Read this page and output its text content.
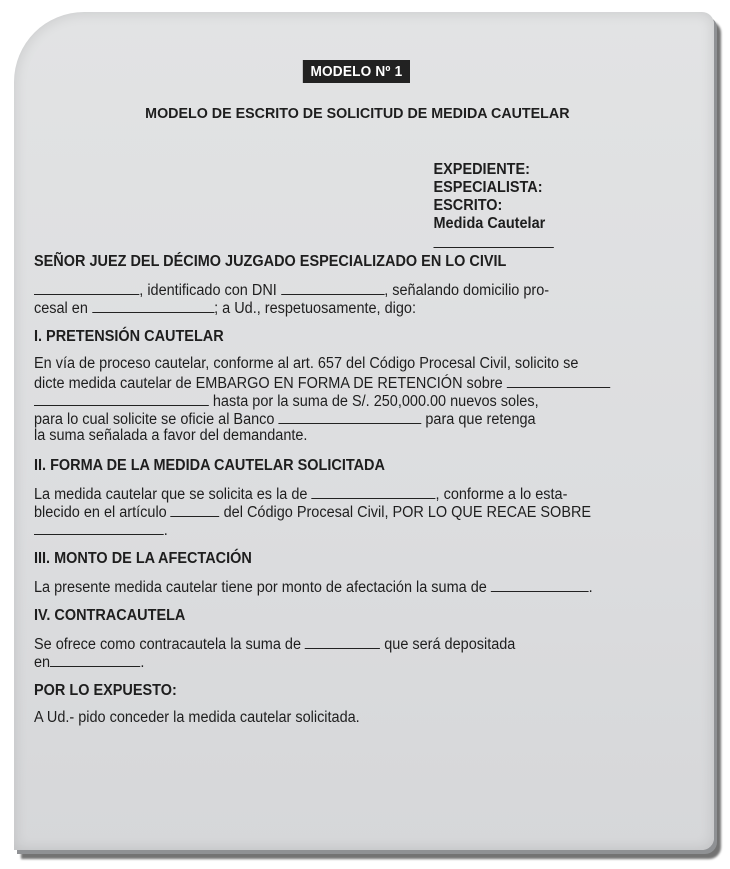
MODELO Nº 1
MODELO DE ESCRITO DE SOLICITUD DE MEDIDA CAUTELAR
EXPEDIENTE:
ESPECIALISTA:
ESCRITO:
Medida Cautelar
SEÑOR JUEZ DEL DÉCIMO JUZGADO ESPECIALIZADO EN LO CIVIL
, identificado con DNI	, señalando domicilio pro-
cesal en	; a Ud., respetuosamente, digo:
I. PRETENSIÓN CAUTELAR
En vía de proceso cautelar, conforme al art. 657 del Código Procesal Civil, solicito se
dicte medida cautelar de EMBARGO EN FORMA DE RETENCIÓN sobre
hasta por la suma de S/. 250,000.00 nuevos soles,
para lo cual solicite se oficie al Banco	para que retenga
la suma señalada a favor del demandante.
II. FORMA DE LA MEDIDA CAUTELAR SOLICITADA
La medida cautelar que se solicita es la de	, conforme a lo esta-
blecido en el artículo	del Código Procesal Civil, POR LO QUE RECAE SOBRE
.
III. MONTO DE LA AFECTACIÓN
La presente medida cautelar tiene por monto de afectación la suma de	.
IV. CONTRACAUTELA
Se ofrece como contracautela la suma de	que será depositada
en	.
POR LO EXPUESTO:
A Ud.- pido conceder la medida cautelar solicitada.
